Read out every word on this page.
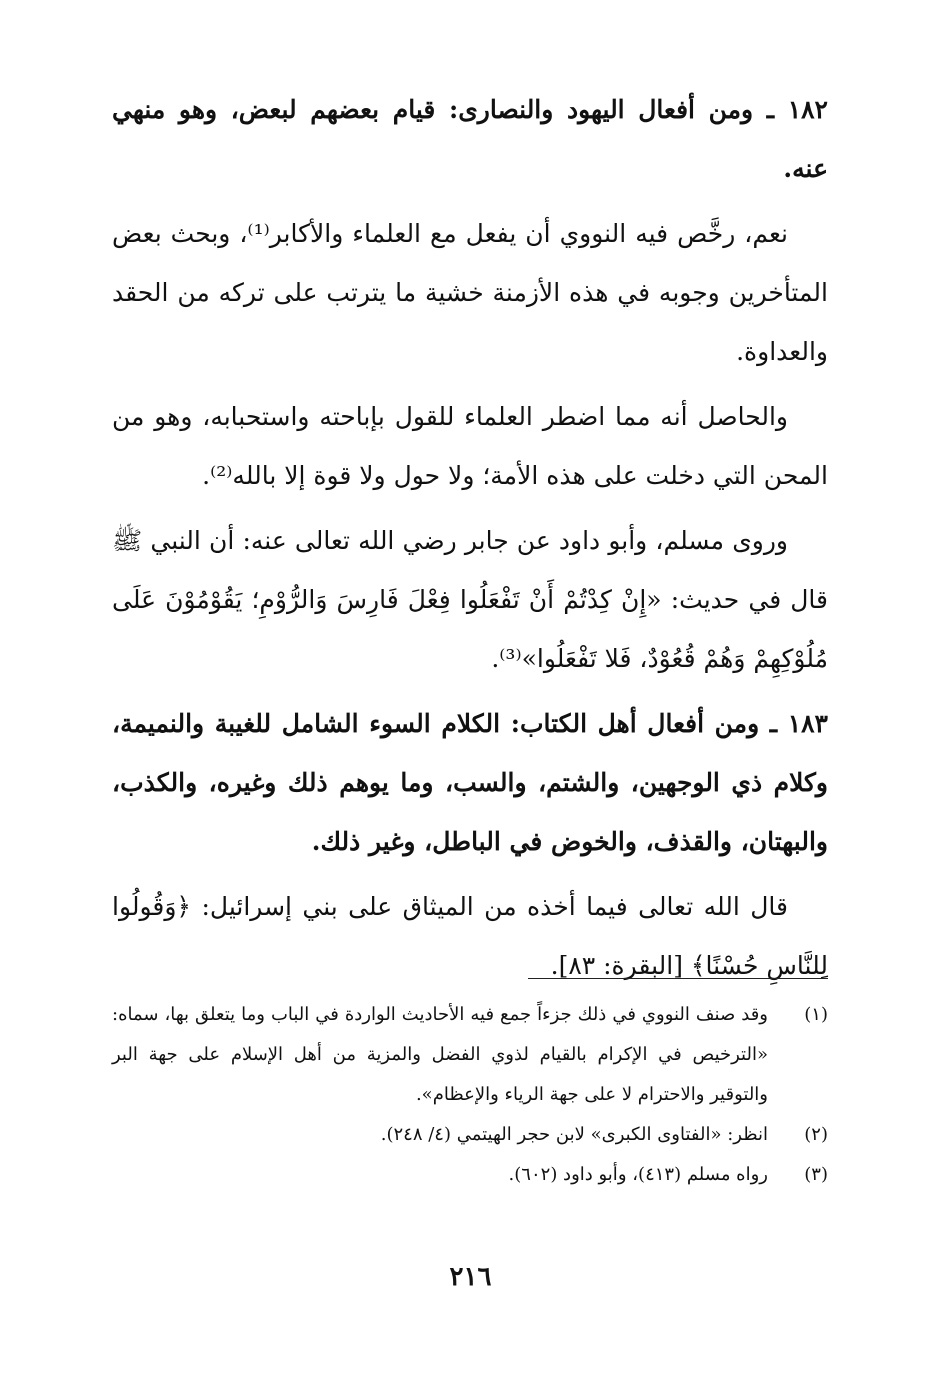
١٨٢ ـ ومن أفعال اليهود والنصارى: قيام بعضهم لبعض، وهو منهي عنه.

نعم، رخَّص فيه النووي أن يفعل مع العلماء والأكابر⁽¹⁾، وبحث بعض المتأخرين وجوبه في هذه الأزمنة خشية ما يترتب على تركه من الحقد والعداوة.

والحاصل أنه مما اضطر العلماء للقول بإباحته واستحبابه، وهو من المحن التي دخلت على هذه الأمة؛ ولا حول ولا قوة إلا بالله⁽²⁾.

وروى مسلم، وأبو داود عن جابر رضي الله تعالى عنه: أن النبي ﷺ قال في حديث: «إِنْ كِدْتُمْ أَنْ تَفْعَلُوا فِعْلَ فَارِسَ وَالرُّوْمِ؛ يَقُوْمُوْنَ عَلَى مُلُوْكِهِمْ وَهُمْ قُعُوْدٌ، فَلا تَفْعَلُوا»⁽³⁾.

١٨٣ ـ ومن أفعال أهل الكتاب: الكلام السوء الشامل للغيبة والنميمة، وكلام ذي الوجهين، والشتم، والسب، وما يوهم ذلك وغيره، والكذب، والبهتان، والقذف، والخوض في الباطل، وغير ذلك.

قال الله تعالى فيما أخذه من الميثاق على بني إسرائيل: ﴿وَقُولُوا لِلنَّاسِ حُسْنًا﴾ [البقرة: ٨٣].

(١)
وقد صنف النووي في ذلك جزءاً جمع فيه الأحاديث الواردة في الباب وما يتعلق بها، سماه: «الترخيص في الإكرام بالقيام لذوي الفضل والمزية من أهل الإسلام على جهة البر والتوقير والاحترام لا على جهة الرياء والإعظام».
(٢)
انظر: «الفتاوى الكبرى» لابن حجر الهيتمي (٤/ ٢٤٨).
(٣)
رواه مسلم (٤١٣)، وأبو داود (٦٠٢).
٢١٦
